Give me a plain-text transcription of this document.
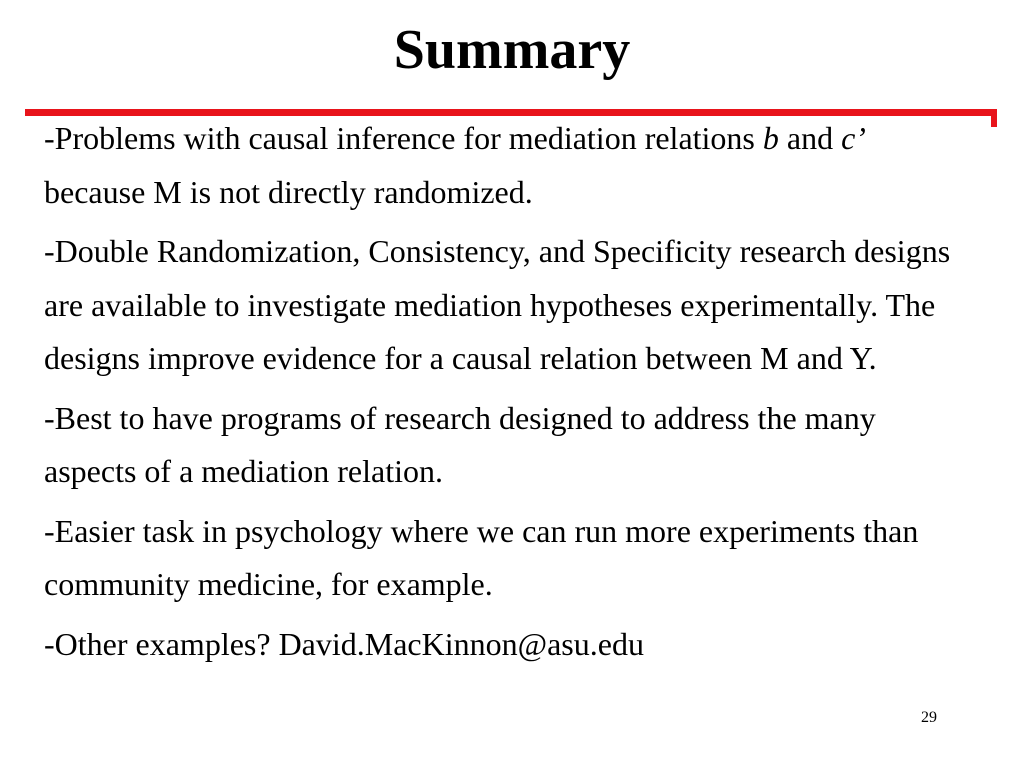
Summary
-Problems with causal inference for mediation relations b and c’ because M is not directly randomized.
-Double Randomization, Consistency, and Specificity research designs are available to investigate mediation hypotheses experimentally. The designs improve evidence for a causal relation between M and Y.
-Best to have programs of research designed to address the many aspects of a mediation relation.
-Easier task in psychology where we can run more experiments than community medicine, for example.
-Other examples? David.MacKinnon@asu.edu
29
